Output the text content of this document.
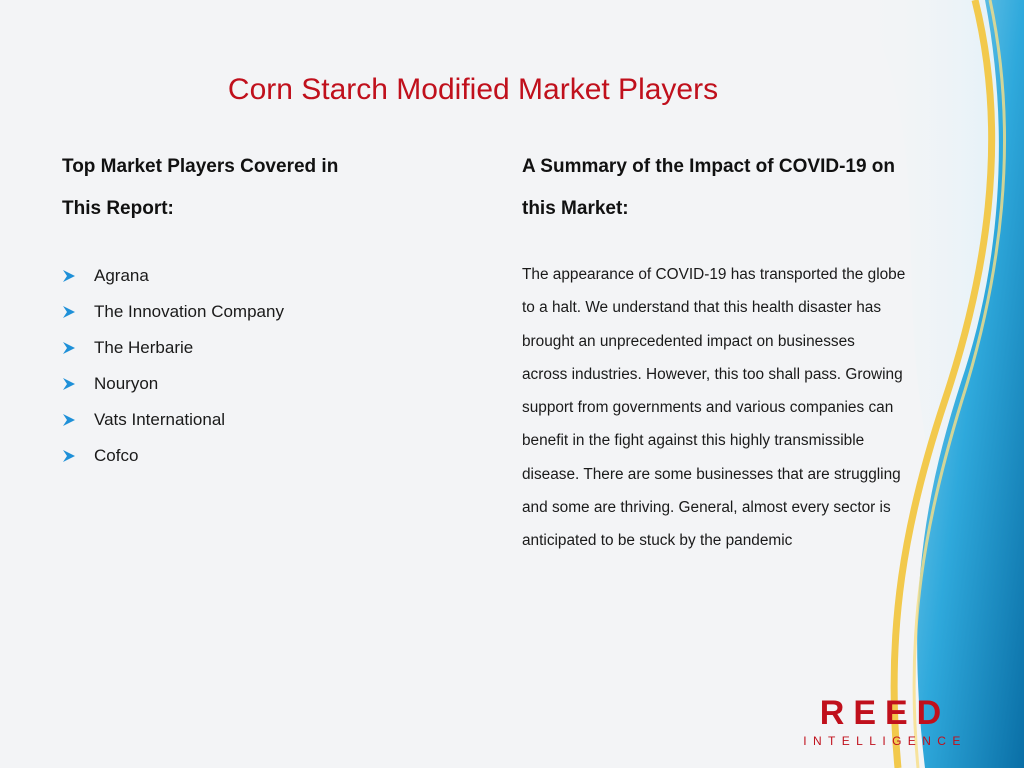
Corn Starch Modified Market Players
Top Market Players Covered in
This Report:
Agrana
The Innovation Company
The Herbarie
Nouryon
Vats International
Cofco
A Summary of the Impact of COVID-19 on
this Market:
The appearance of COVID-19 has transported the globe
to a halt. We understand that this health disaster has
brought an unprecedented impact on businesses
across industries. However, this too shall pass. Growing
support from governments and various companies can
benefit in the fight against this highly transmissible
disease. There are some businesses that are struggling
and some are thriving. General, almost every sector is
anticipated to be stuck by the pandemic
REED
INTELLIGENCE
